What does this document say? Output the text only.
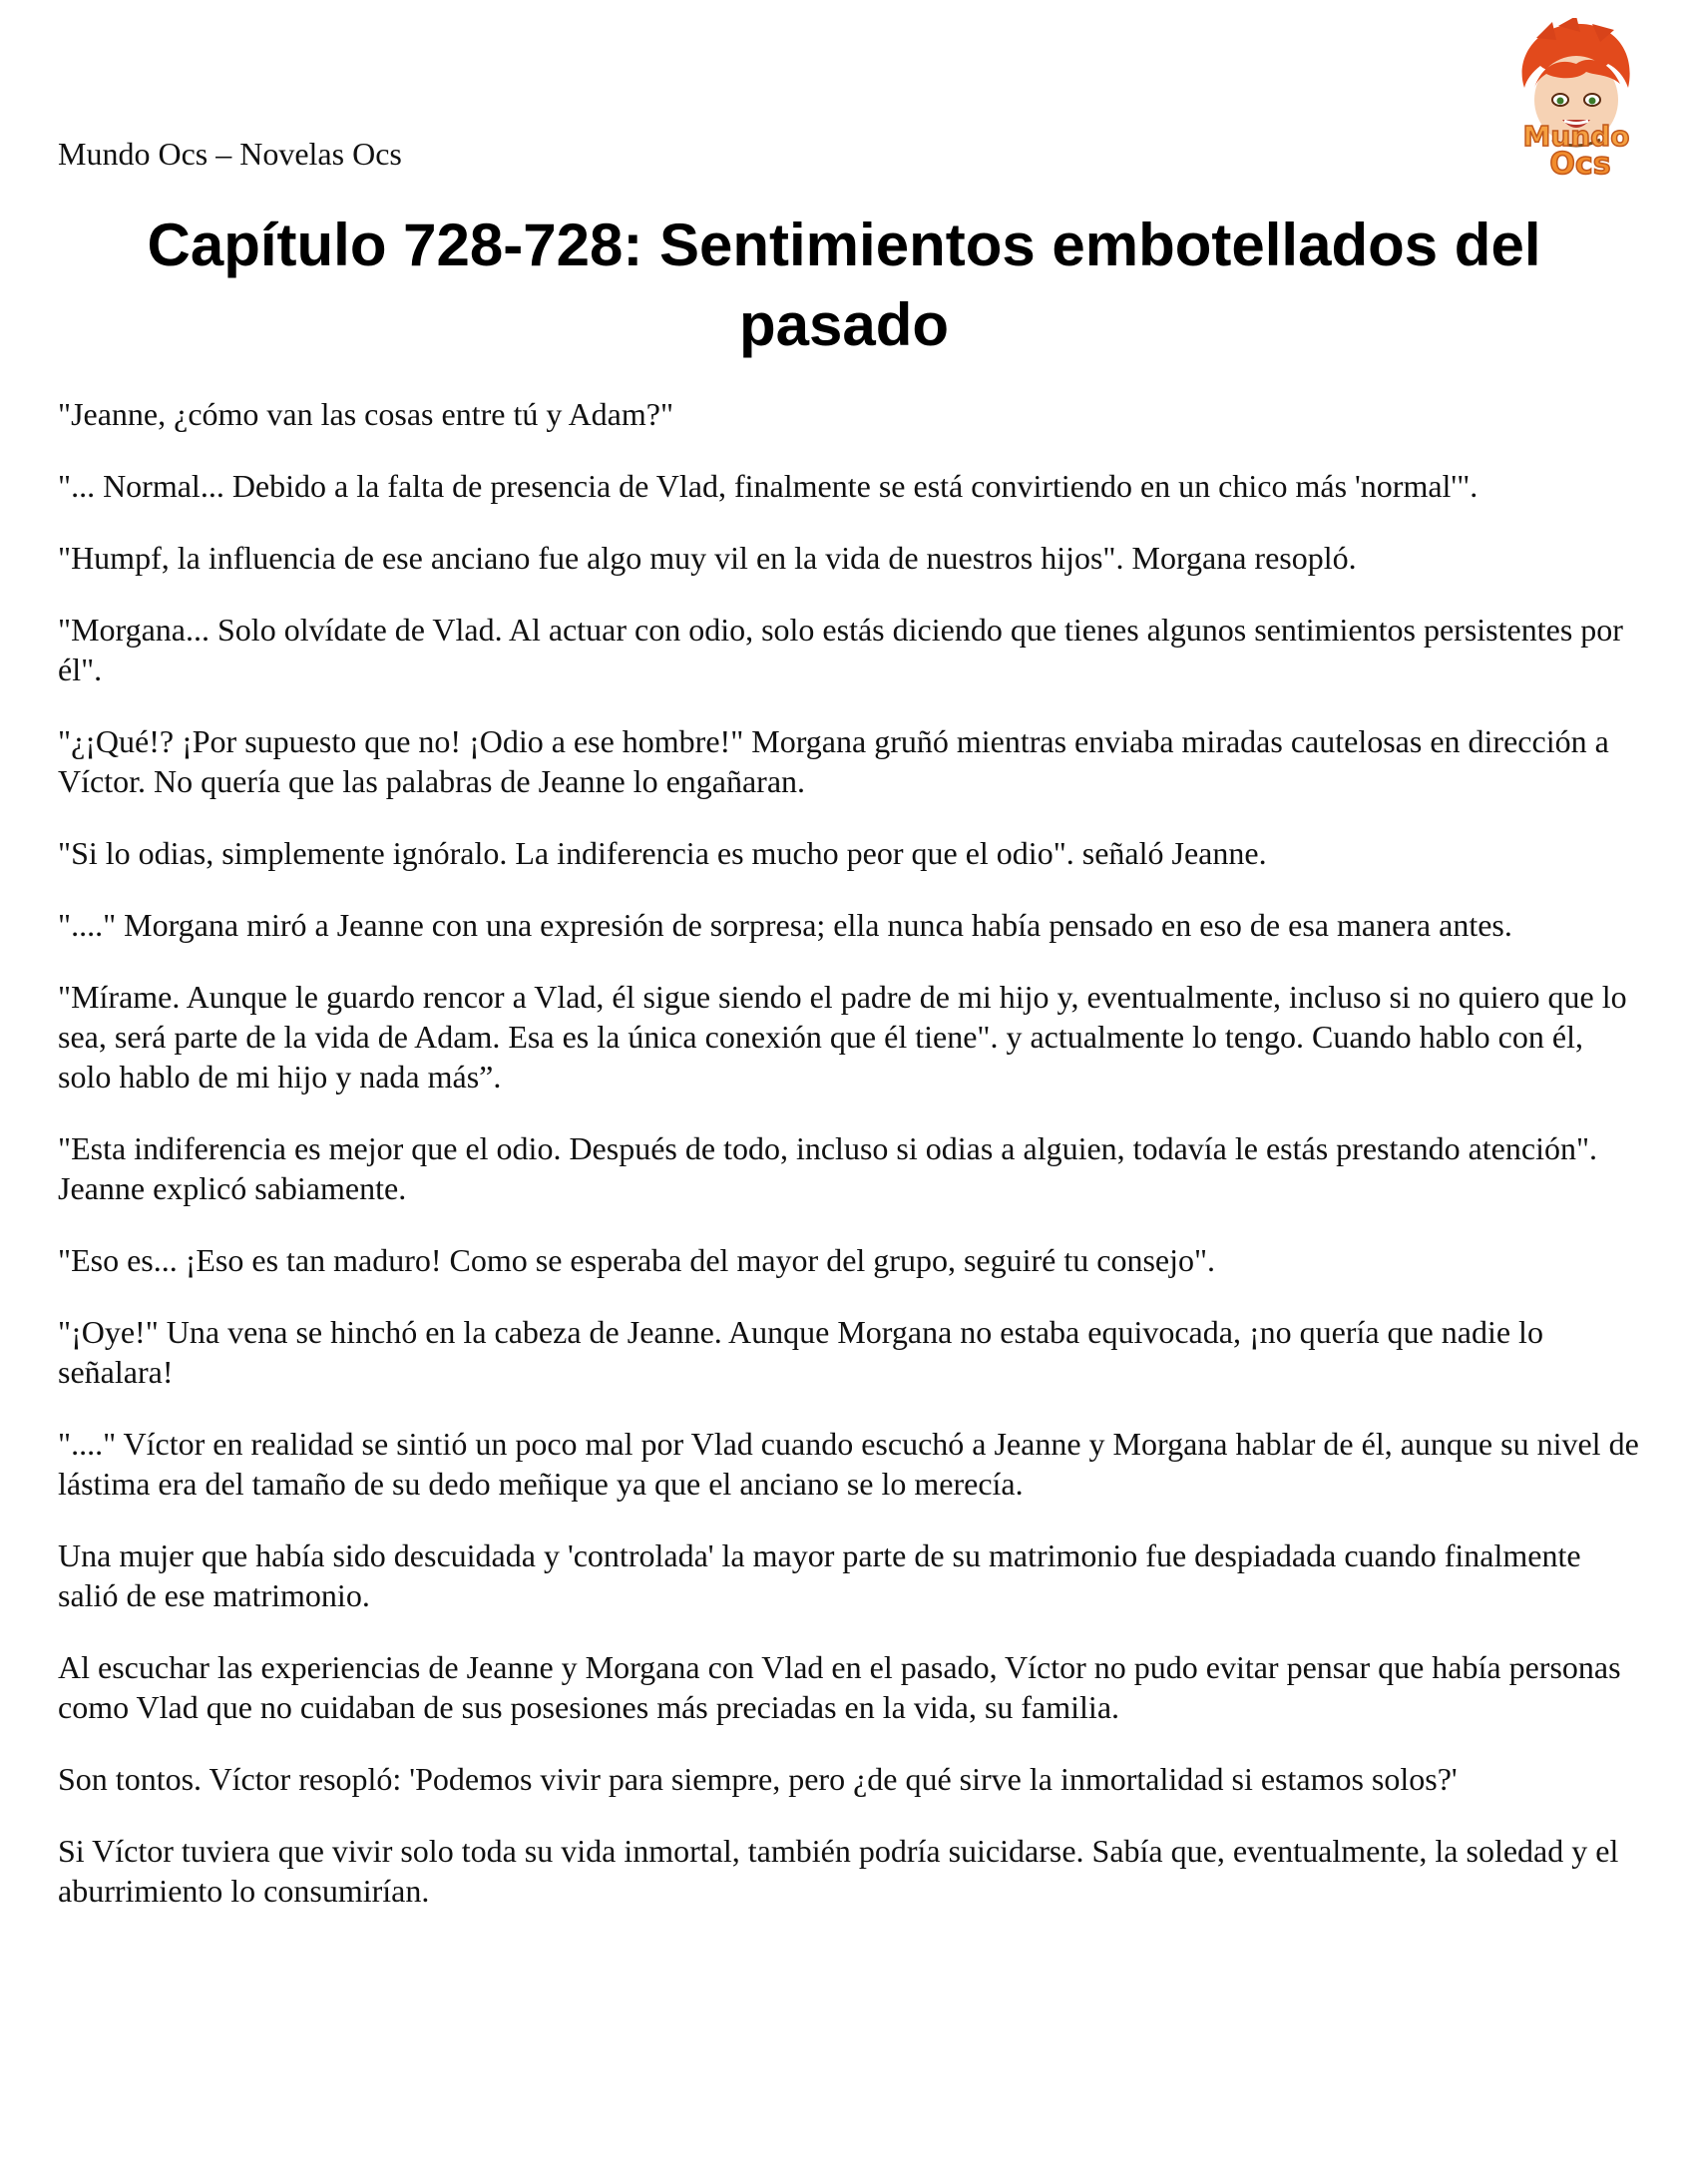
Mundo Ocs – Novelas Ocs	Mundo
Ocs
Capítulo 728-728: Sentimientos embotellados del pasado

"Jeanne, ¿cómo van las cosas entre tú y Adam?"

"... Normal... Debido a la falta de presencia de Vlad, finalmente se está convirtiendo en un chico más 'normal'".

"Humpf, la influencia de ese anciano fue algo muy vil en la vida de nuestros hijos". Morgana resopló.

"Morgana... Solo olvídate de Vlad. Al actuar con odio, solo estás diciendo que tienes algunos sentimientos persistentes por él".

"¿¡Qué!? ¡Por supuesto que no! ¡Odio a ese hombre!" Morgana gruñó mientras enviaba miradas cautelosas en dirección a Víctor. No quería que las palabras de Jeanne lo engañaran.

"Si lo odias, simplemente ignóralo. La indiferencia es mucho peor que el odio". señaló Jeanne.

"...." Morgana miró a Jeanne con una expresión de sorpresa; ella nunca había pensado en eso de esa manera antes.

"Mírame. Aunque le guardo rencor a Vlad, él sigue siendo el padre de mi hijo y, eventualmente, incluso si no quiero que lo sea, será parte de la vida de Adam. Esa es la única conexión que él tiene". y actualmente lo tengo. Cuando hablo con él, solo hablo de mi hijo y nada más”.

"Esta indiferencia es mejor que el odio. Después de todo, incluso si odias a alguien, todavía le estás prestando atención". Jeanne explicó sabiamente.

"Eso es... ¡Eso es tan maduro! Como se esperaba del mayor del grupo, seguiré tu consejo".

"¡Oye!" Una vena se hinchó en la cabeza de Jeanne. Aunque Morgana no estaba equivocada, ¡no quería que nadie lo señalara!

"...." Víctor en realidad se sintió un poco mal por Vlad cuando escuchó a Jeanne y Morgana hablar de él, aunque su nivel de lástima era del tamaño de su dedo meñique ya que el anciano se lo merecía.

Una mujer que había sido descuidada y 'controlada' la mayor parte de su matrimonio fue despiadada cuando finalmente salió de ese matrimonio.

Al escuchar las experiencias de Jeanne y Morgana con Vlad en el pasado, Víctor no pudo evitar pensar que había personas como Vlad que no cuidaban de sus posesiones más preciadas en la vida, su familia.

Son tontos. Víctor resopló: 'Podemos vivir para siempre, pero ¿de qué sirve la inmortalidad si estamos solos?'

Si Víctor tuviera que vivir solo toda su vida inmortal, también podría suicidarse. Sabía que, eventualmente, la soledad y el aburrimiento lo consumirían.
